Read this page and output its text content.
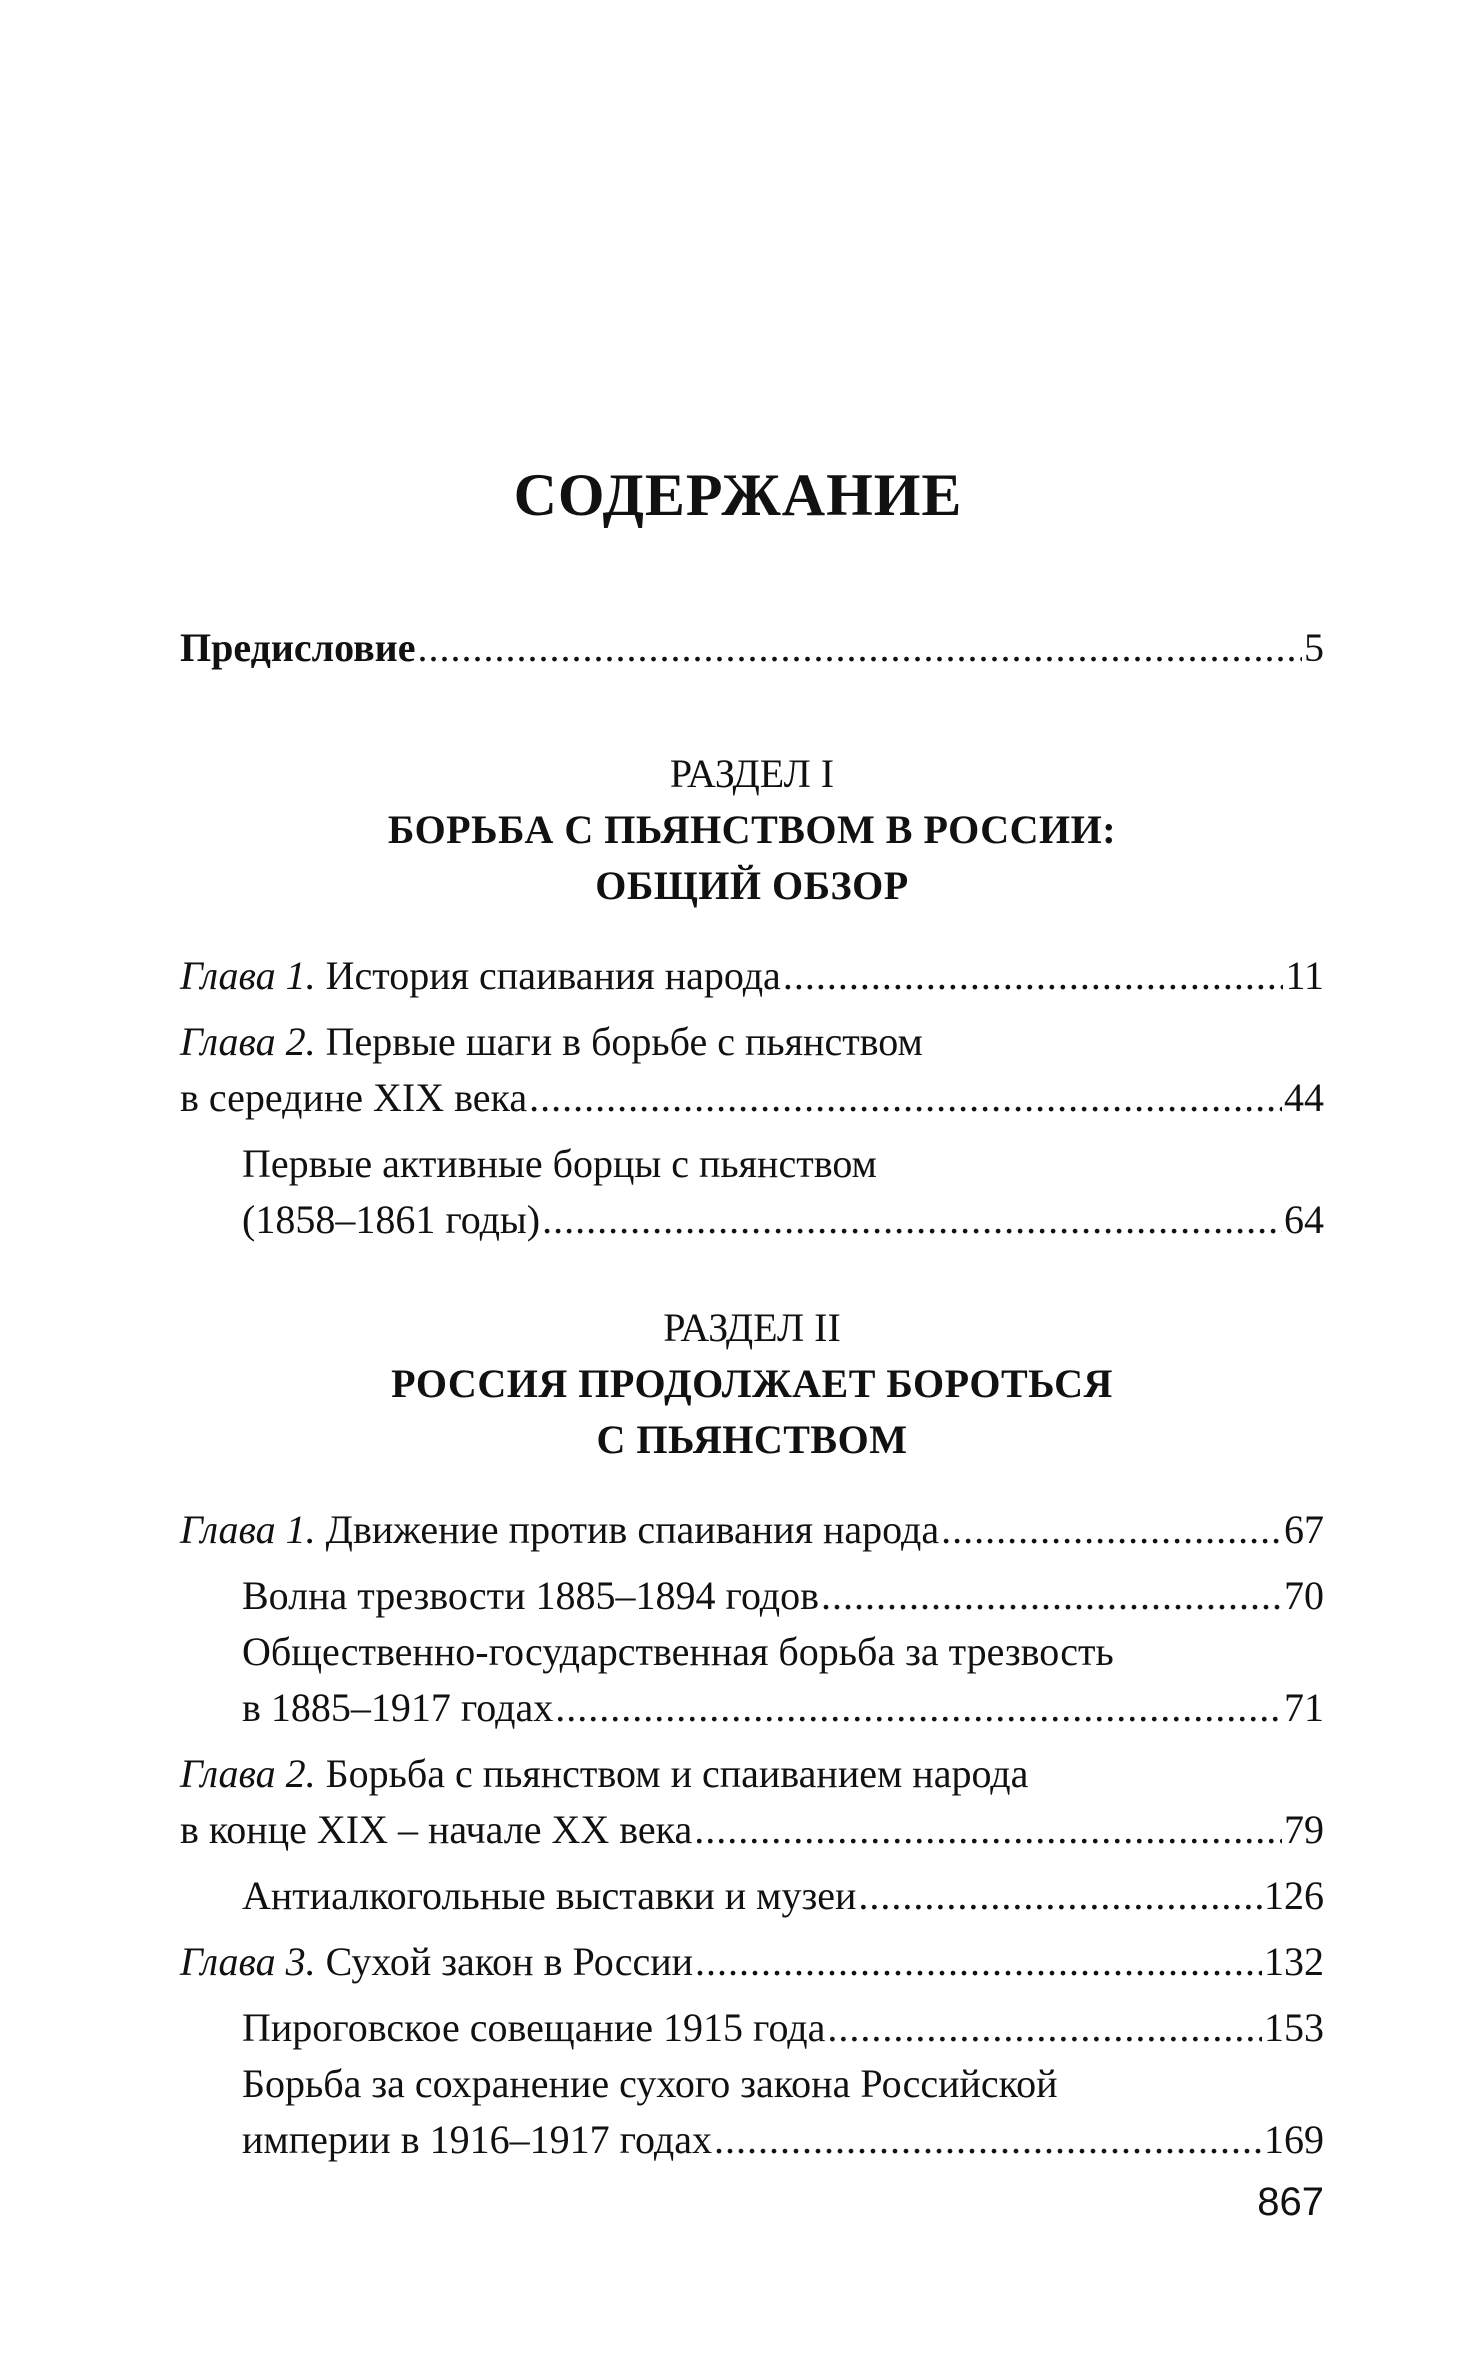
СОДЕРЖАНИЕ
Предисловие .....	5
РАЗДЕЛ I
БОРЬБА С ПЬЯНСТВОМ В РОССИИ:
ОБЩИЙ ОБЗОР
Глава 1. История спаивания народа .....	11
Глава 2. Первые шаги в борьбе с пьянством
в середине XIX века .....	44
Первые активные борцы с пьянством
(1858–1861 годы) .....	64
РАЗДЕЛ II
РОССИЯ ПРОДОЛЖАЕТ БОРОТЬСЯ
С ПЬЯНСТВОМ
Глава 1. Движение против спаивания народа .....	67
Волна трезвости 1885–1894 годов .....	70
Общественно-государственная борьба за трезвость
в 1885–1917 годах .....	71
Глава 2. Борьба с пьянством и спаиванием народа
в конце XIX – начале XX века .....	79
Антиалкогольные выставки и музеи .....	126
Глава 3. Сухой закон в России .....	132
Пироговское совещание 1915 года .....	153
Борьба за сохранение сухого закона Российской
империи в 1916–1917 годах .....	169
867
